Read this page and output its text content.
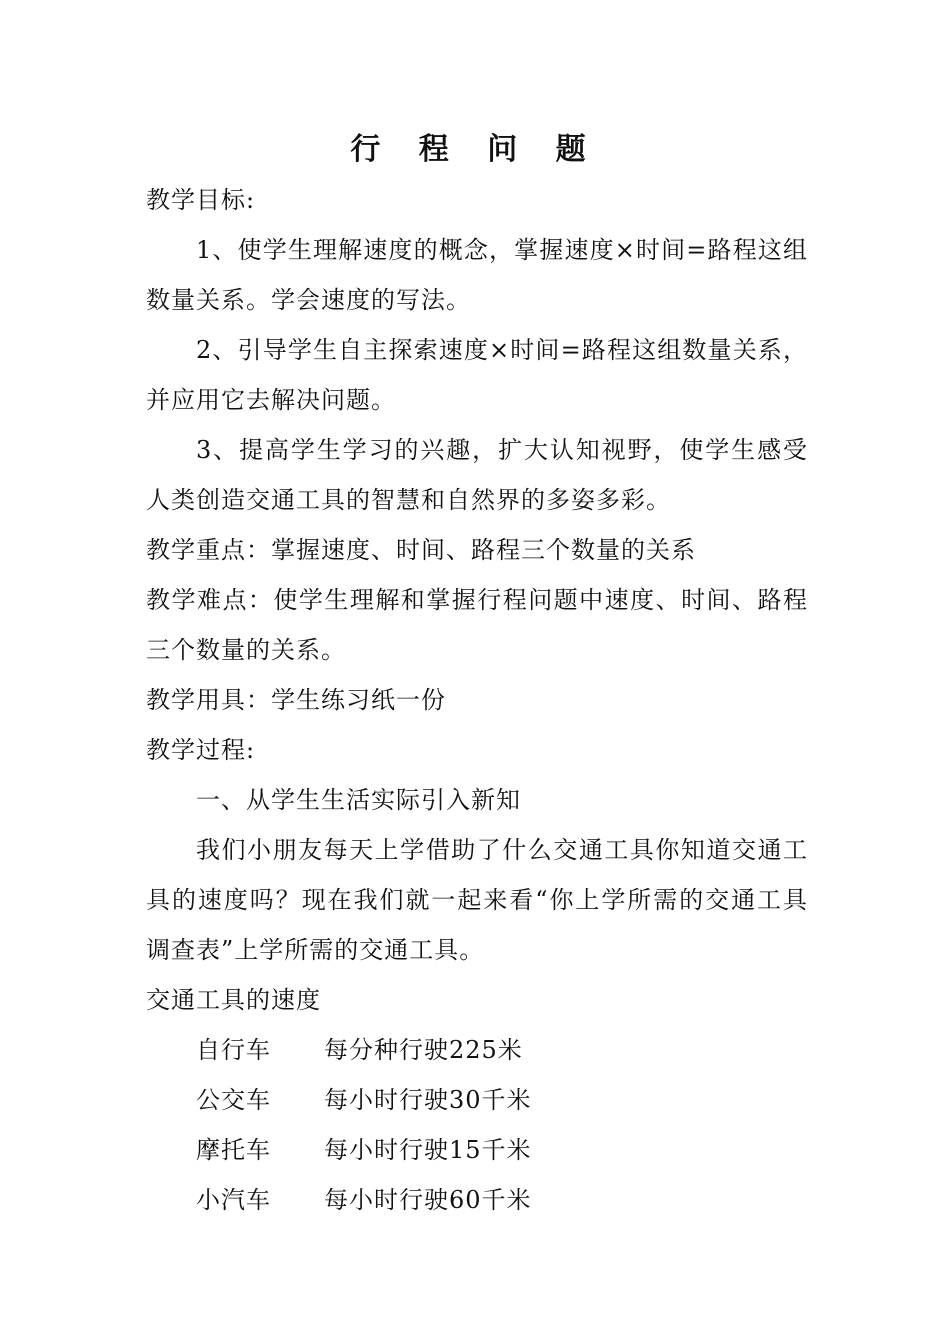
行 程 问 题

教学目标:

1、使学生理解速度的概念，掌握速度×时间=路程这组数量关系。学会速度的写法。

2、引导学生自主探索速度×时间=路程这组数量关系，并应用它去解决问题。

3、提高学生学习的兴趣，扩大认知视野，使学生感受人类创造交通工具的智慧和自然界的多姿多彩。

教学重点：掌握速度、时间、路程三个数量的关系

教学难点：使学生理解和掌握行程问题中速度、时间、路程三个数量的关系。

教学用具：学生练习纸一份

教学过程:

一、从学生生活实际引入新知

我们小朋友每天上学借助了什么交通工具你知道交通工具的速度吗？现在我们就一起来看“你上学所需的交通工具调查表”上学所需的交通工具。

交通工具的速度

自行车	每分种行驶225米
公交车	每小时行驶30千米
摩托车	每小时行驶15千米
小汽车	每小时行驶60千米
